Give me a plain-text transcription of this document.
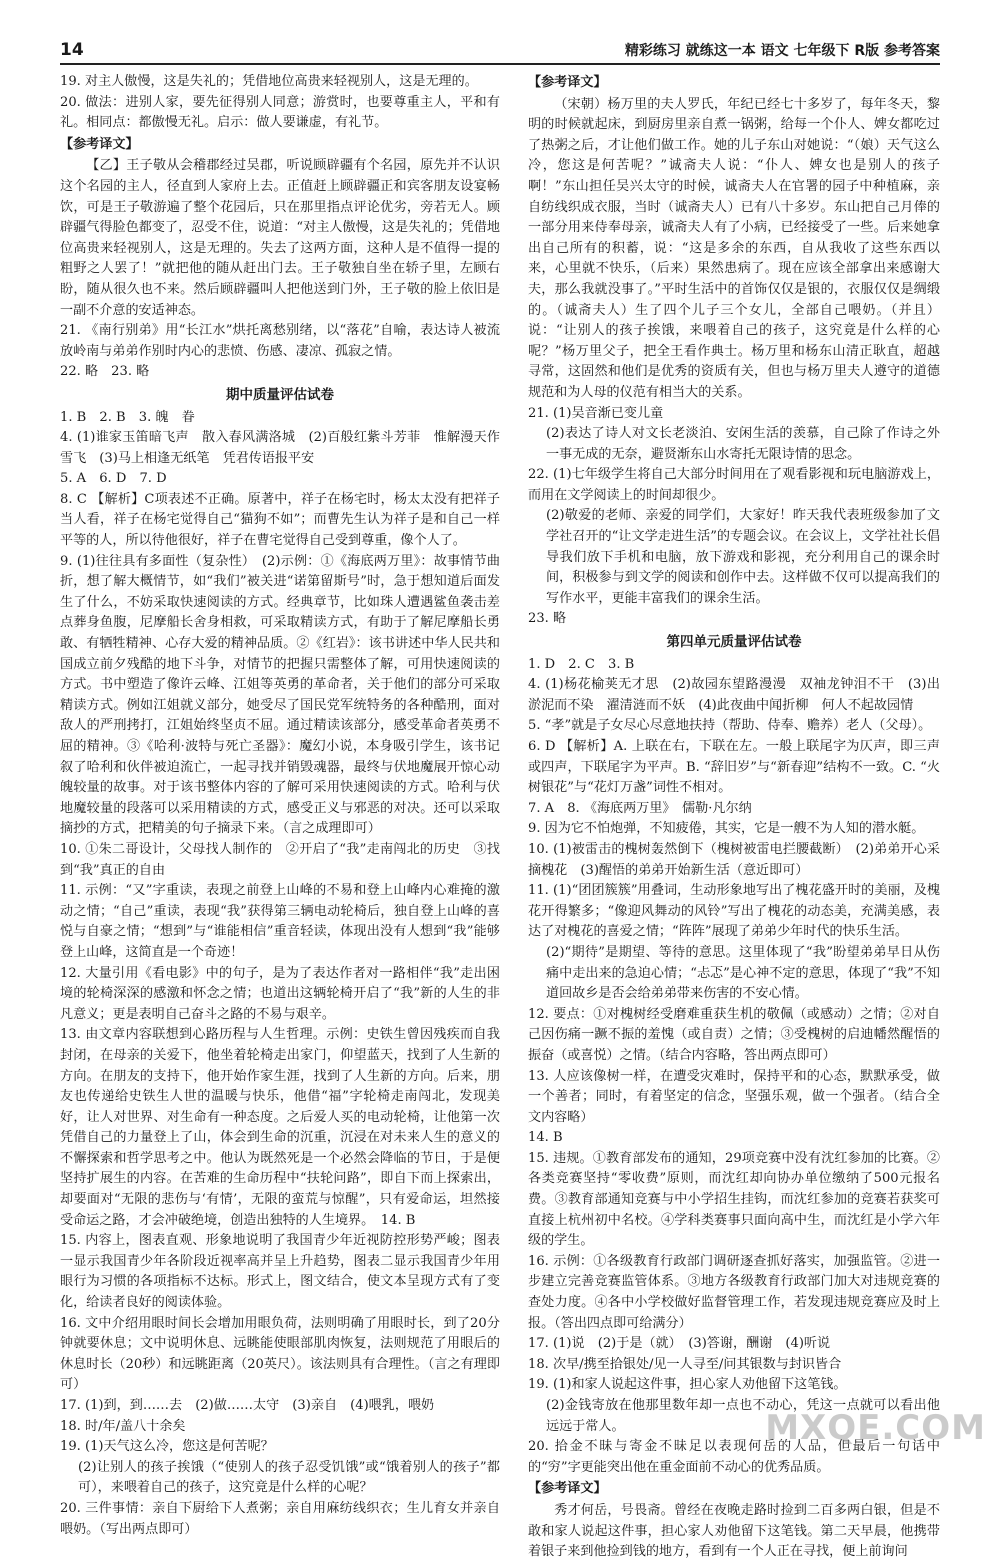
14	精彩练习 就练这一本 语文 七年级下 R版 参考答案
19. 对主人傲慢，这是失礼的；凭借地位高贵来轻视别人，这是无理的。
20. 做法：进别人家，要先征得别人同意；游赏时，也要尊重主人，平和有礼。相同点：都傲慢无礼。启示：做人要谦虚，有礼节。
【参考译文】
【乙】王子敬从会稽郡经过吴郡，听说顾辟疆有个名园，原先并不认识这个名园的主人，径直到人家府上去。正值赶上顾辟疆正和宾客朋友设宴畅饮，可是王子敬游遍了整个花园后，只在那里指点评论优劣，旁若无人。顾辟疆气得脸色都变了，忍受不住，说道：“对主人傲慢，这是失礼的；凭借地位高贵来轻视别人，这是无理的。失去了这两方面，这种人是不值得一提的粗野之人罢了！”就把他的随从赶出门去。王子敬独自坐在轿子里，左顾右盼，随从很久也不来。然后顾辟疆叫人把他送到门外，王子敬的脸上依旧是一副不介意的安适神态。
21. 《南行别弟》用“长江水”烘托离愁别绪，以“落花”自喻，表达诗人被流放岭南与弟弟作别时内心的悲愤、伤感、凄凉、孤寂之情。
22. 略　23. 略
期中质量评估试卷
1. B　2. B　3. 魄　眷
4. (1)谁家玉笛暗飞声　散入春风满洛城　(2)百般红紫斗芳菲　惟解漫天作雪飞　(3)马上相逢无纸笔　凭君传语报平安
5. A　6. D　7. D
8. C 【解析】C项表述不正确。原著中，祥子在杨宅时，杨太太没有把祥子当人看，祥子在杨宅觉得自己“猫狗不如”；而曹先生认为祥子是和自己一样平等的人，所以待他很好，祥子在曹宅觉得自己受到尊重，像个人了。
9. (1)往往具有多面性（复杂性）　(2)示例：①《海底两万里》：故事情节曲折，想了解大概情节，如“我们”被关进“诺第留斯号”时，急于想知道后面发生了什么，不妨采取快速阅读的方式。经典章节，比如珠人遭遇鲨鱼袭击差点葬身鱼腹，尼摩船长舍身相救，可采取精读方式，有助于了解尼摩船长勇敢、有牺牲精神、心存大爱的精神品质。②《红岩》：该书讲述中华人民共和国成立前夕残酷的地下斗争，对情节的把握只需整体了解，可用快速阅读的方式。书中塑造了像许云峰、江姐等英勇的革命者，关于他们的部分可采取精读方式。例如江姐就义部分，她受尽了国民党军统特务的各种酷刑，面对敌人的严刑拷打，江姐始终坚贞不屈。通过精读该部分，感受革命者英勇不屈的精神。③《哈利·波特与死亡圣器》：魔幻小说，本身吸引学生，该书记叙了哈利和伙伴被迫流亡，一起寻找并销毁魂器，最终与伏地魔展开惊心动魄较量的故事。对于该书整体内容的了解可采用快速阅读的方式。哈利与伏地魔较量的段落可以采用精读的方式，感受正义与邪恶的对决。还可以采取摘抄的方式，把精美的句子摘录下来。（言之成理即可）
10. ①朱二哥设计，父母找人制作的　②开启了“我”走南闯北的历史　③找到“我”真正的自由
11. 示例：“又”字重读，表现之前登上山峰的不易和登上山峰内心难掩的激动之情；“自己”重读，表现“我”获得第三辆电动轮椅后，独自登上山峰的喜悦与自豪之情；“想到”与“谁能相信”重音轻读，体现出没有人想到“我”能够登上山峰，这简直是一个奇迹！
12. 大量引用《看电影》中的句子，是为了表达作者对一路相伴“我”走出困境的轮椅深深的感激和怀念之情；也道出这辆轮椅开启了“我”新的人生的非凡意义；更是表明自己奋斗之路的不易与艰辛。
13. 由文章内容联想到心路历程与人生哲理。示例：史铁生曾因残疾而自我封闭，在母亲的关爱下，他坐着轮椅走出家门，仰望蓝天，找到了人生新的方向。在朋友的支持下，他开始作家生涯，找到了人生新的方向。后来，朋友也传递给史铁生人世的温暖与快乐，他借“福”字轮椅走南闯北，发现美好，让人对世界、对生命有一种态度。之后爱人买的电动轮椅，让他第一次凭借自己的力量登上了山，体会到生命的沉重，沉浸在对未来人生的意义的不懈探索和哲学思考之中。他认为既然死是一个必然会降临的节日，于是便坚持扩展生的内容。在苦难的生命历程中“扶轮问路”，即自下而上探索出，却要面对“无限的悲伤与‘有情’，无限的蛮荒与惊醒”，只有爱命运，坦然接受命运之路，才会冲破绝境，创造出独特的人生境界。　14. B
15. 内容上，图表直观、形象地说明了我国青少年近视防控形势严峻；图表一显示我国青少年各阶段近视率高并呈上升趋势，图表二显示我国青少年用眼行为习惯的各项指标不达标。形式上，图文结合，使文本呈现方式有了变化，给读者良好的阅读体验。
16. 文中介绍用眼时间长会增加用眼负荷，法则明确了用眼时长，到了20分钟就要休息；文中说明休息、远眺能使眼部肌肉恢复，法则规范了用眼后的休息时长（20秒）和远眺距离（20英尺）。该法则具有合理性。（言之有理即可）
17. (1)到，到……去　(2)做……太守　(3)亲自　(4)喂乳，喂奶
18. 时/年/盖八十余矣
19. (1)天气这么冷，您这是何苦呢？
(2)让别人的孩子挨饿（“使别人的孩子忍受饥饿”或“饿着别人的孩子”都可），来喂着自己的孩子，这究竟是什么样的心呢？
20. 三件事情：亲自下厨给下人煮粥；亲自用麻纺线织衣；生儿育女并亲自喂奶。（写出两点即可）
【参考译文】
（宋朝）杨万里的夫人罗氏，年纪已经七十多岁了，每年冬天，黎明的时候就起床，到厨房里亲自煮一锅粥，给每一个仆人、婢女都吃过了热粥之后，才让他们做工作。她的儿子东山对她说：“（娘）天气这么冷，您这是何苦呢？”诚斋夫人说：“仆人、婢女也是别人的孩子啊！”东山担任吴兴太守的时候，诚斋夫人在官署的园子中种植麻，亲自纺线织成衣服，当时（诚斋夫人）已有八十多岁。东山把自己月俸的一部分用来侍奉母亲，诚斋夫人有了小病，已经接受了一些。后来她拿出自己所有的积蓄，说：“这是多余的东西，自从我收了这些东西以来，心里就不快乐，（后来）果然患病了。现在应该全部拿出来感谢大夫，那么我就没事了。”平时生活中的首饰仅仅是银的，衣服仅仅是绸缎的。（诚斋夫人）生了四个儿子三个女儿，全部自己喂奶。（并且）说：“让别人的孩子挨饿，来喂着自己的孩子，这究竟是什么样的心呢？”杨万里父子，把全王看作典士。杨万里和杨东山清正耿直，超越寻常，这固然和他们是优秀的资质有关，但也与杨万里夫人遵守的道德规范和为人母的仪范有相当大的关系。
21. (1)吴音渐已变儿童
(2)表达了诗人对文长老淡泊、安闲生活的羡慕，自己除了作诗之外一事无成的无奈，避贤渐东山水寄托无限诗情的思念。
22. (1)七年级学生将自己大部分时间用在了观看影视和玩电脑游戏上，而用在文学阅读上的时间却很少。
(2)敬爱的老师、亲爱的同学们，大家好！昨天我代表班级参加了文学社召开的“让文学走进生活”的专题会议。在会议上，文学社社长倡导我们放下手机和电脑，放下游戏和影视，充分利用自己的课余时间，积极参与到文学的阅读和创作中去。这样做不仅可以提高我们的写作水平，更能丰富我们的课余生活。
23. 略
第四单元质量评估试卷
1. D　2. C　3. B
4. (1)杨花榆荚无才思　(2)故园东望路漫漫　双袖龙钟泪不干　(3)出淤泥而不染　濯清涟而不妖　(4)此夜曲中闻折柳　何人不起故园情
5. “孝”就是子女尽心尽意地扶持（帮助、侍奉、赡养）老人（父母）。
6. D 【解析】A. 上联在右，下联在左。一般上联尾字为仄声，即三声或四声，下联尾字为平声。B. “辞旧岁”与“新春迎”结构不一致。C. “火树银花”与“花灯万盏”词性不相对。
7. A　8. 《海底两万里》　儒勒·凡尔纳
9. 因为它不怕炮弹，不知疲倦，其实，它是一艘不为人知的潜水艇。
10. (1)被雷击的槐树轰然倒下（槐树被雷电拦腰截断）　(2)弟弟开心采摘槐花　(3)醒悟的弟弟开始新生活（意近即可）
11. (1)“团团簇簇”用叠词，生动形象地写出了槐花盛开时的美丽，及槐花开得繁多；“像迎风舞动的风铃”写出了槐花的动态美，充满美感，表达了对槐花的喜爱之情；“阵阵”展现了弟弟少年时代的快乐生活。
(2)“期待”是期望、等待的意思。这里体现了“我”盼望弟弟早日从伤痛中走出来的急迫心情；“忐忑”是心神不定的意思，体现了“我”不知道回故乡是否会给弟弟带来伤害的不安心情。
12. 要点：①对槐树经受磨难重获生机的敬佩（或感动）之情；②对自己因伤痛一蹶不振的羞愧（或自责）之情；③受槐树的启迪幡然醒悟的振奋（或喜悦）之情。（结合内容略，答出两点即可）
13. 人应该像树一样，在遭受灾难时，保持平和的心态，默默承受，做一个善者；同时，有着坚定的信念，坚强乐观，做一个强者。（结合全文内容略）
14. B
15. 违规。①教育部发布的通知，29项竞赛中没有沈红参加的比赛。②各类竞赛坚持“零收费”原则，而沈红却向协办单位缴纳了500元报名费。③教育部通知竞赛与中小学招生挂钩，而沈红参加的竞赛若获奖可直接上杭州初中名校。④学科类赛事只面向高中生，而沈红是小学六年级的学生。
16. 示例：①各级教育行政部门调研逐查抓好落实，加强监管。②进一步建立完善竞赛监管体系。③地方各级教育行政部门加大对违规竞赛的查处力度。④各中小学校做好监督管理工作，若发现违规竞赛应及时上报。（答出四点即可给满分）
17. (1)说　(2)于是（就）　(3)答谢，酬谢　(4)听说
18. 次早/携至拾银处/见一人寻至/问其银数与封识皆合
19. (1)和家人说起这件事，担心家人劝他留下这笔钱。
(2)金钱寄放在他那里数年却一点也不动心，凭这一点就可以看出他远远于常人。
20. 拾金不昧与寄金不昧足以表现何岳的人品，但最后一句话中的“穷”字更能突出他在重金面前不动心的优秀品质。
【参考译文】
秀才何岳，号畏斋。曾经在夜晚走路时捡到二百多两白银，但是不敢和家人说起这件事，担心家人劝他留下这笔钱。第二天早晨，他携带着银子来到他捡到钱的地方，看到有一个人正在寻找，便上前询问
MXQE.COM
